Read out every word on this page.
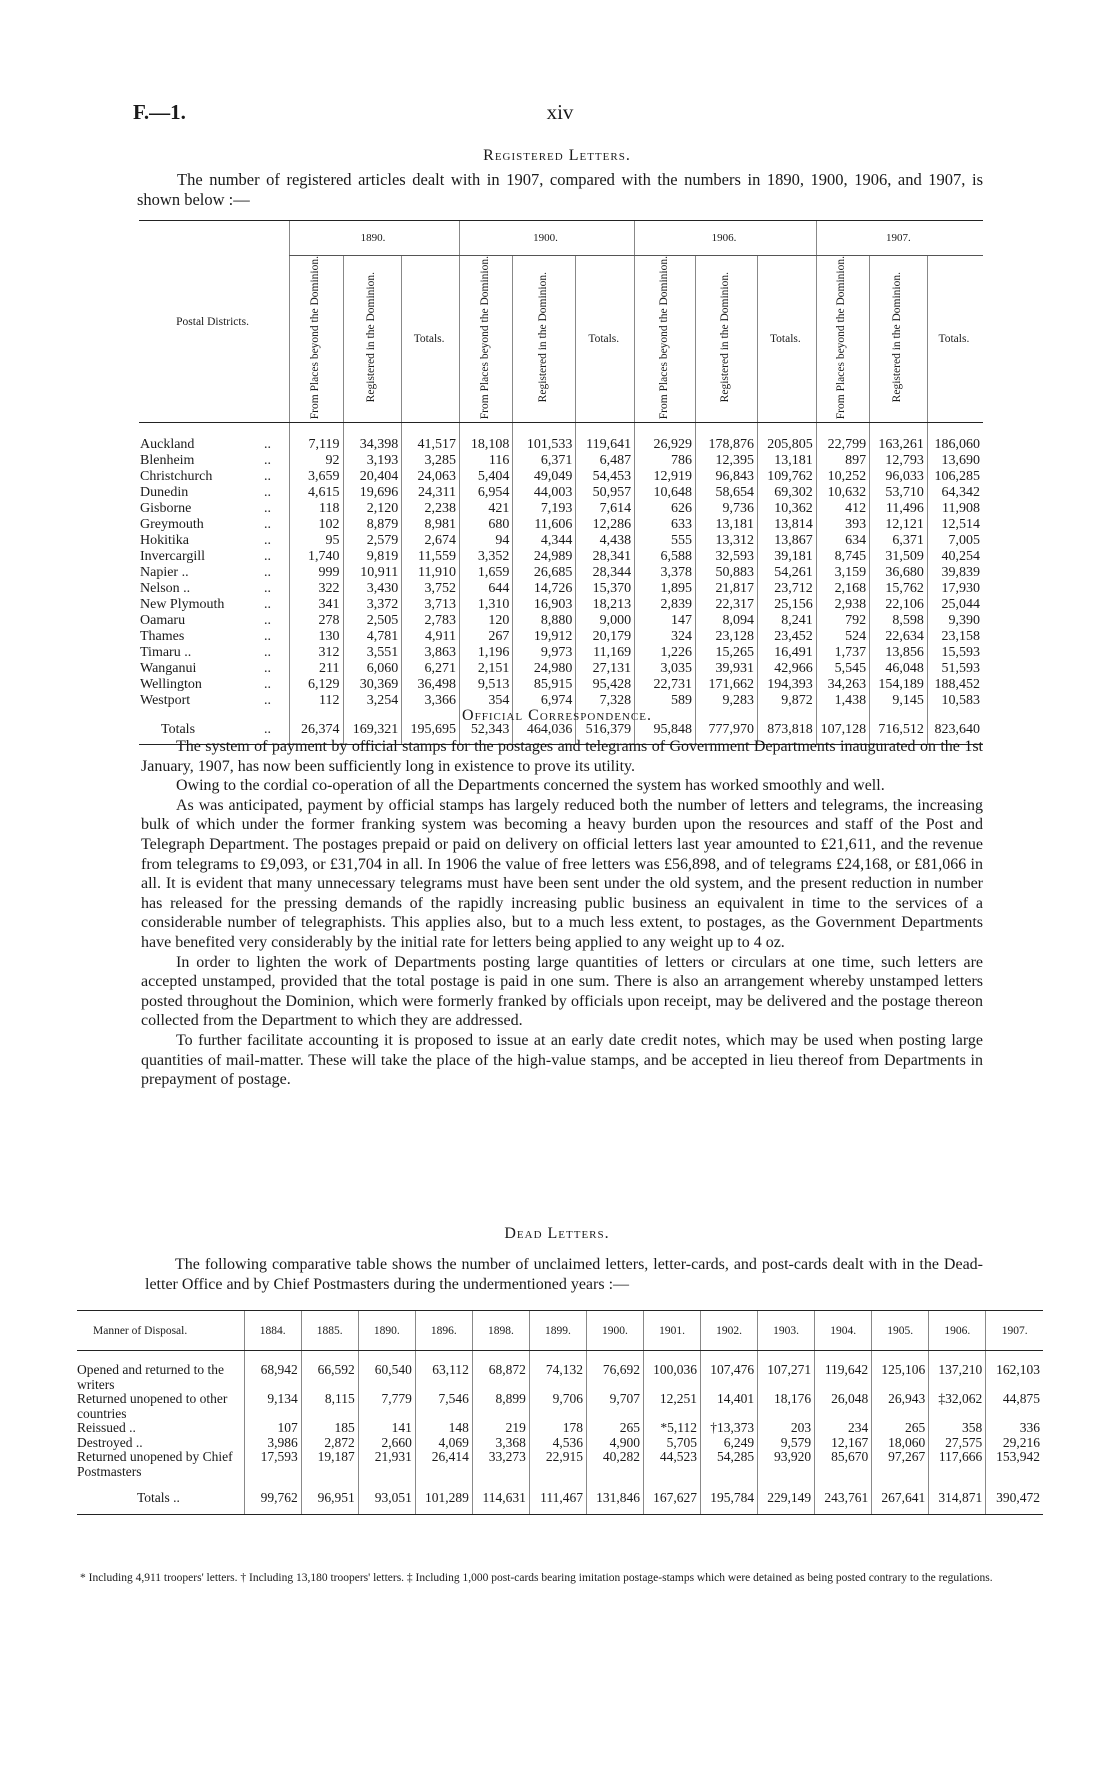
F.—1.	xiv
Registered Letters.
The number of registered articles dealt with in 1907, compared with the numbers in 1890, 1900, 1906, and 1907, is shown below :—
Postal Districts.		1890.			1900.			1906.			1907.		
		From Places beyond the Dominion.	Registered in the Dominion.	Totals.	From Places beyond the Dominion.	Registered in the Dominion.	Totals.	From Places beyond the Dominion.	Registered in the Dominion.	Totals.	From Places beyond the Dominion.	Registered in the Dominion.	Totals.
Auckland	..	7,119	34,398	41,517	18,108	101,533	119,641	26,929	178,876	205,805	22,799	163,261	186,060
Blenheim	..	92	3,193	3,285	116	6,371	6,487	786	12,395	13,181	897	12,793	13,690
Christchurch	..	3,659	20,404	24,063	5,404	49,049	54,453	12,919	96,843	109,762	10,252	96,033	106,285
Dunedin	..	4,615	19,696	24,311	6,954	44,003	50,957	10,648	58,654	69,302	10,632	53,710	64,342
Gisborne	..	118	2,120	2,238	421	7,193	7,614	626	9,736	10,362	412	11,496	11,908
Greymouth	..	102	8,879	8,981	680	11,606	12,286	633	13,181	13,814	393	12,121	12,514
Hokitika	..	95	2,579	2,674	94	4,344	4,438	555	13,312	13,867	634	6,371	7,005
Invercargill	..	1,740	9,819	11,559	3,352	24,989	28,341	6,588	32,593	39,181	8,745	31,509	40,254
Napier ..	..	999	10,911	11,910	1,659	26,685	28,344	3,378	50,883	54,261	3,159	36,680	39,839
Nelson ..	..	322	3,430	3,752	644	14,726	15,370	1,895	21,817	23,712	2,168	15,762	17,930
New Plymouth	..	341	3,372	3,713	1,310	16,903	18,213	2,839	22,317	25,156	2,938	22,106	25,044
Oamaru	..	278	2,505	2,783	120	8,880	9,000	147	8,094	8,241	792	8,598	9,390
Thames	..	130	4,781	4,911	267	19,912	20,179	324	23,128	23,452	524	22,634	23,158
Timaru ..	..	312	3,551	3,863	1,196	9,973	11,169	1,226	15,265	16,491	1,737	13,856	15,593
Wanganui	..	211	6,060	6,271	2,151	24,980	27,131	3,035	39,931	42,966	5,545	46,048	51,593
Wellington	..	6,129	30,369	36,498	9,513	85,915	95,428	22,731	171,662	194,393	34,263	154,189	188,452
Westport	..	112	3,254	3,366	354	6,974	7,328	589	9,283	9,872	1,438	9,145	10,583
Totals	..	26,374	169,321	195,695	52,343	464,036	516,379	95,848	777,970	873,818	107,128	716,512	823,640
Official Correspondence.

The system of payment by official stamps for the postages and telegrams of Government Departments inaugurated on the 1st January, 1907, has now been sufficiently long in existence to prove its utility.

Owing to the cordial co-operation of all the Departments concerned the system has worked smoothly and well.

As was anticipated, payment by official stamps has largely reduced both the number of letters and telegrams, the increasing bulk of which under the former franking system was becoming a heavy burden upon the resources and staff of the Post and Telegraph Department. The postages prepaid or paid on delivery on official letters last year amounted to £21,611, and the revenue from telegrams to £9,093, or £31,704 in all. In 1906 the value of free letters was £56,898, and of telegrams £24,168, or £81,066 in all. It is evident that many unnecessary telegrams must have been sent under the old system, and the present reduction in number has released for the pressing demands of the rapidly increasing public business an equivalent in time to the services of a considerable number of telegraphists. This applies also, but to a much less extent, to postages, as the Government Departments have benefited very considerably by the initial rate for letters being applied to any weight up to 4 oz.

In order to lighten the work of Departments posting large quantities of letters or circulars at one time, such letters are accepted unstamped, provided that the total postage is paid in one sum. There is also an arrangement whereby unstamped letters posted throughout the Dominion, which were formerly franked by officials upon receipt, may be delivered and the postage thereon collected from the Department to which they are addressed.

To further facilitate accounting it is proposed to issue at an early date credit notes, which may be used when posting large quantities of mail-matter. These will take the place of the high-value stamps, and be accepted in lieu thereof from Departments in prepayment of postage.

Dead Letters.
The following comparative table shows the number of unclaimed letters, letter-cards, and post-cards dealt with in the Dead-letter Office and by Chief Postmasters during the undermentioned years :—
Manner of Disposal.	1884.	1885.	1890.	1896.	1898.	1899.	1900.	1901.	1902.	1903.	1904.	1905.	1906.	1907.

Opened and returned to the writers	68,942	66,592	60,540	63,112	68,872	74,132	76,692	100,036	107,476	107,271	119,642	125,106	137,210	162,103
Returned unopened to other countries	9,134	8,115	7,779	7,546	8,899	9,706	9,707	12,251	14,401	18,176	26,048	26,943	‡32,062	44,875
Reissued ..	107	185	141	148	219	178	265	*5,112	†13,373	203	234	265	358	336
Destroyed ..	3,986	2,872	2,660	4,069	3,368	4,536	4,900	5,705	6,249	9,579	12,167	18,060	27,575	29,216
Returned unopened by Chief Postmasters	17,593	19,187	21,931	26,414	33,273	22,915	40,282	44,523	54,285	93,920	85,670	97,267	117,666	153,942
Totals ..	99,762	96,951	93,051	101,289	114,631	111,467	131,846	167,627	195,784	229,149	243,761	267,641	314,871	390,472
* Including 4,911 troopers' letters. † Including 13,180 troopers' letters. ‡ Including 1,000 post-cards bearing imitation postage-stamps which were detained as being posted contrary to the regulations.
